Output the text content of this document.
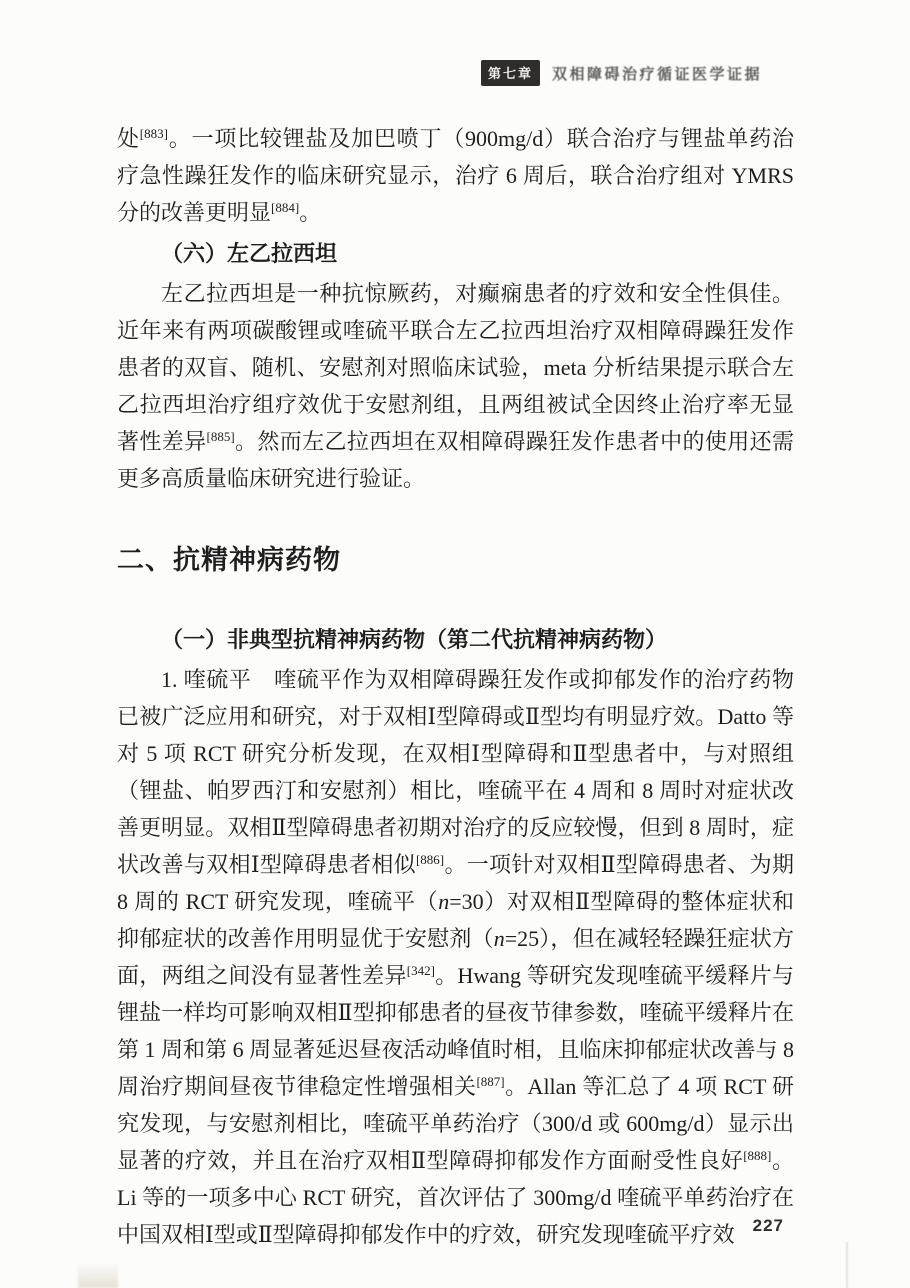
第七章	双相障碍治疗循证医学证据
处[883]。一项比较锂盐及加巴喷丁（900mg/d）联合治疗与锂盐单药治疗急性躁狂发作的临床研究显示，治疗 6 周后，联合治疗组对 YMRS 分的改善更明显[884]。
（六）左乙拉西坦
左乙拉西坦是一种抗惊厥药，对癫痫患者的疗效和安全性俱佳。近年来有两项碳酸锂或喹硫平联合左乙拉西坦治疗双相障碍躁狂发作患者的双盲、随机、安慰剂对照临床试验，meta 分析结果提示联合左乙拉西坦治疗组疗效优于安慰剂组，且两组被试全因终止治疗率无显著性差异[885]。然而左乙拉西坦在双相障碍躁狂发作患者中的使用还需更多高质量临床研究进行验证。
二、抗精神病药物
（一）非典型抗精神病药物（第二代抗精神病药物）
1. 喹硫平　喹硫平作为双相障碍躁狂发作或抑郁发作的治疗药物已被广泛应用和研究，对于双相Ⅰ型障碍或Ⅱ型均有明显疗效。Datto 等对 5 项 RCT 研究分析发现，在双相Ⅰ型障碍和Ⅱ型患者中，与对照组（锂盐、帕罗西汀和安慰剂）相比，喹硫平在 4 周和 8 周时对症状改善更明显。双相Ⅱ型障碍患者初期对治疗的反应较慢，但到 8 周时，症状改善与双相Ⅰ型障碍患者相似[886]。一项针对双相Ⅱ型障碍患者、为期 8 周的 RCT 研究发现，喹硫平（n=30）对双相Ⅱ型障碍的整体症状和抑郁症状的改善作用明显优于安慰剂（n=25），但在减轻轻躁狂症状方面，两组之间没有显著性差异[342]。Hwang 等研究发现喹硫平缓释片与锂盐一样均可影响双相Ⅱ型抑郁患者的昼夜节律参数，喹硫平缓释片在第 1 周和第 6 周显著延迟昼夜活动峰值时相，且临床抑郁症状改善与 8 周治疗期间昼夜节律稳定性增强相关[887]。Allan 等汇总了 4 项 RCT 研究发现，与安慰剂相比，喹硫平单药治疗（300/d 或 600mg/d）显示出显著的疗效，并且在治疗双相Ⅱ型障碍抑郁发作方面耐受性良好[888]。Li 等的一项多中心 RCT 研究，首次评估了 300mg/d 喹硫平单药治疗在中国双相Ⅰ型或Ⅱ型障碍抑郁发作中的疗效，研究发现喹硫平疗效	227
